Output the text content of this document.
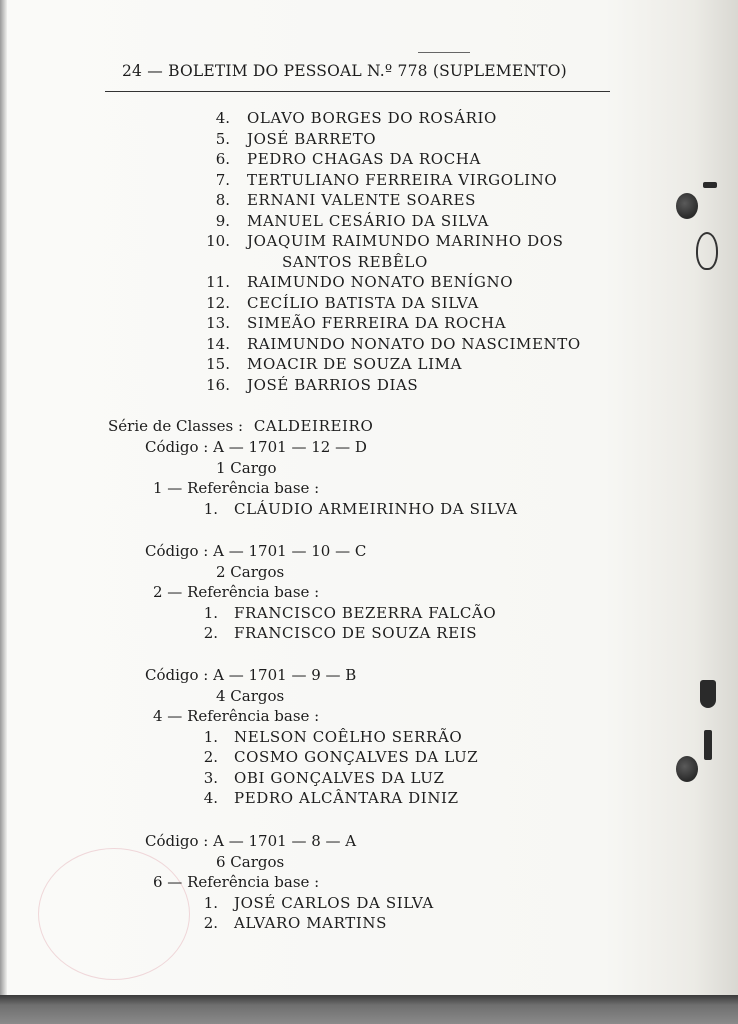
24 — BOLETIM DO PESSOAL N.º 778 (SUPLEMENTO)
4. OLAVO BORGES DO ROSÁRIO
5. JOSÉ BARRETO
6. PEDRO CHAGAS DA ROCHA
7. TERTULIANO FERREIRA VIRGOLINO
8. ERNANI VALENTE SOARES
9. MANUEL CESÁRIO DA SILVA
10. JOAQUIM RAIMUNDO MARINHO DOS
SANTOS REBÊLO
11. RAIMUNDO NONATO BENÍGNO
12. CECÍLIO BATISTA DA SILVA
13. SIMEÃO FERREIRA DA ROCHA
14. RAIMUNDO NONATO DO NASCIMENTO
15. MOACIR DE SOUZA LIMA
16. JOSÉ BARRIOS DIAS
Série de Classes : CALDEIREIRO
Código : A — 1701 — 12 — D
1 Cargo
1 — Referência base :
1. CLÁUDIO ARMEIRINHO DA SILVA
Código : A — 1701 — 10 — C
2 Cargos
2 — Referência base :
1. FRANCISCO BEZERRA FALCÃO
2. FRANCISCO DE SOUZA REIS
Código : A — 1701 — 9 — B
4 Cargos
4 — Referência base :
1. NELSON COÊLHO SERRÃO
2. COSMO GONÇALVES DA LUZ
3. OBI GONÇALVES DA LUZ
4. PEDRO ALCÂNTARA DINIZ
Código : A — 1701 — 8 — A
6 Cargos
6 — Referência base :
1. JOSÉ CARLOS DA SILVA
2. ALVARO MARTINS
